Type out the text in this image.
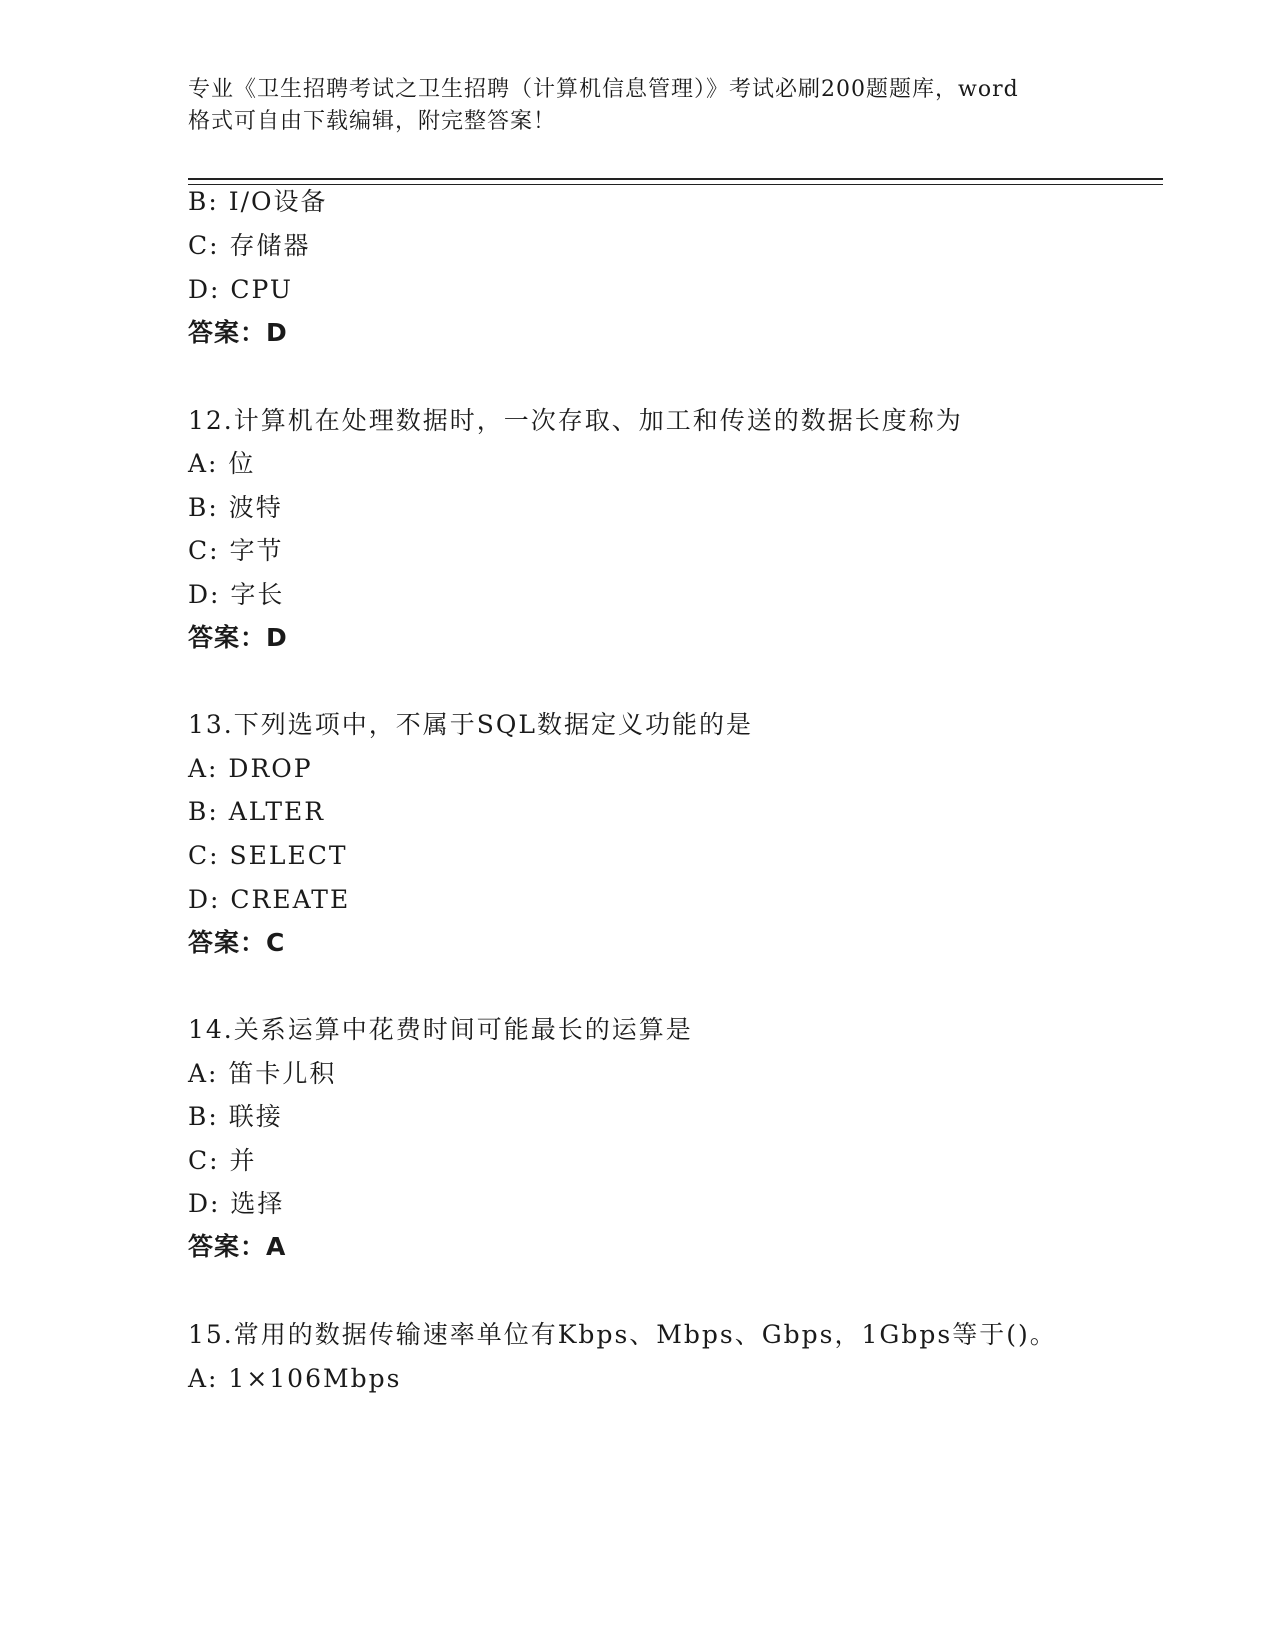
专业《卫生招聘考试之卫生招聘（计算机信息管理）》考试必刷200题题库，word
格式可自由下载编辑，附完整答案！
B: I/O设备
C: 存储器
D: CPU
答案：D
12.计算机在处理数据时，一次存取、加工和传送的数据长度称为
A: 位
B: 波特
C: 字节
D: 字长
答案：D
13.下列选项中，不属于SQL数据定义功能的是
A: DROP
B: ALTER
C: SELECT
D: CREATE
答案：C
14.关系运算中花费时间可能最长的运算是
A: 笛卡儿积
B: 联接
C: 并
D: 选择
答案：A
15.常用的数据传输速率单位有Kbps、Mbps、Gbps，1Gbps等于()。
A: 1×106Mbps
